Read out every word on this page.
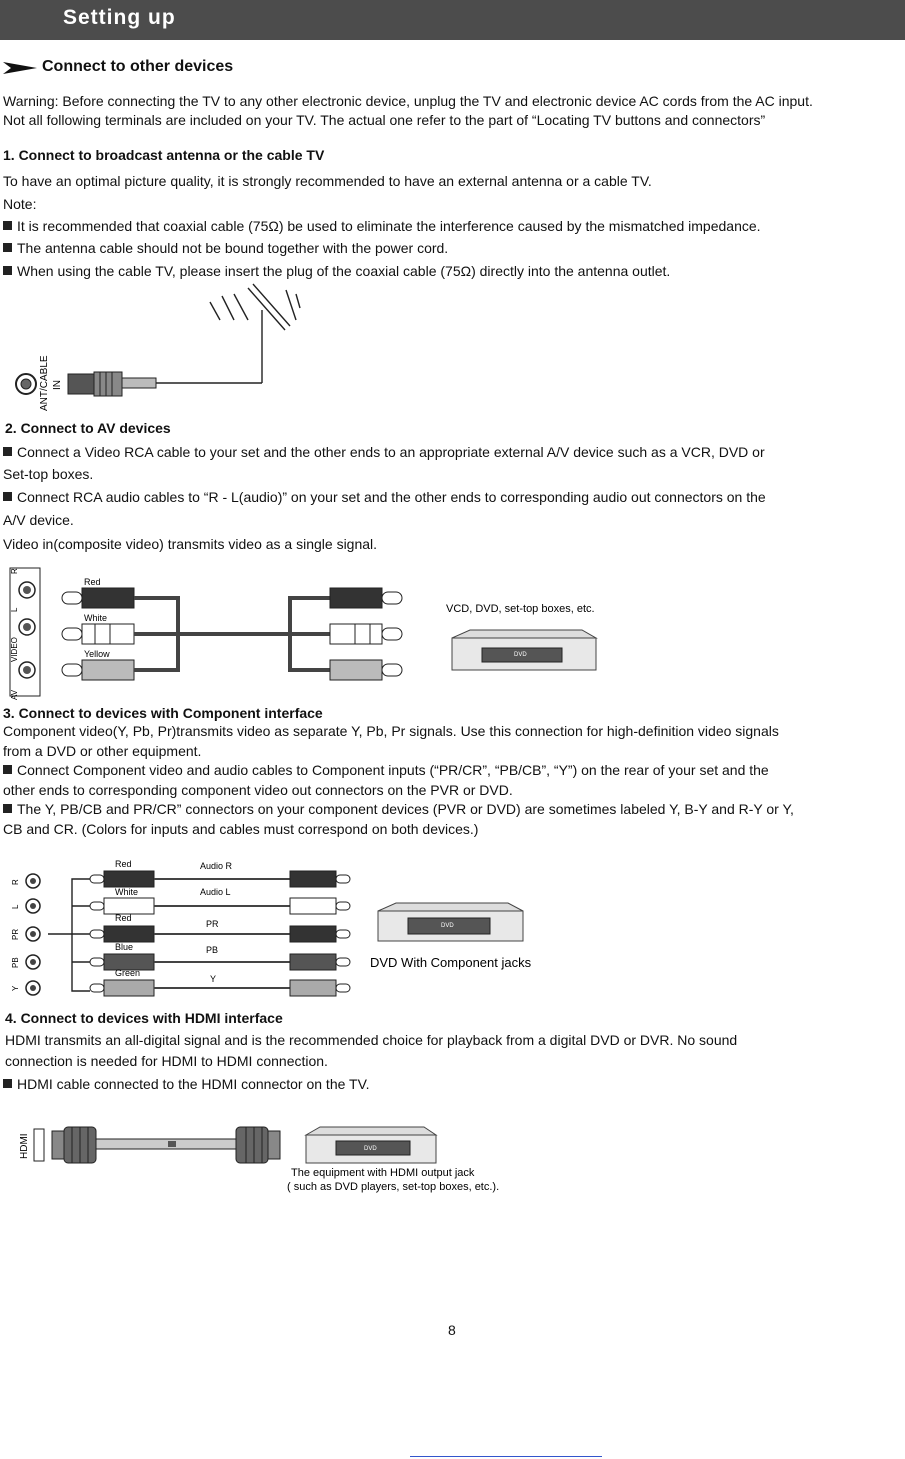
Setting up
Connect to other devices
Warning: Before connecting the TV to any other electronic device, unplug the TV and electronic device AC cords from the AC input.
Not all following terminals are included on your TV. The actual one refer to the part of “Locating TV buttons and connectors”
1. Connect to broadcast antenna or the cable TV
To have an optimal picture quality, it is strongly recommended to have an external antenna or a cable TV.
Note:
It is recommended that coaxial cable (75Ω) be used to eliminate the interference caused by the mismatched impedance.
The antenna cable should not be bound together with the power cord.
When using the cable TV, please insert the plug of the coaxial cable (75Ω) directly into the antenna outlet.
ANT/CABLE IN
2. Connect to AV devices
Connect a Video RCA cable to your set and the other ends to an appropriate external A/V device such as a VCR, DVD or
Set-top boxes.
Connect RCA audio cables to “R - L(audio)” on your set and the other ends to corresponding audio out connectors on the
A/V device.
Video in(composite video) transmits video as a single signal.
R
L
VIDEO
AV
Red
White
Yellow
VCD, DVD, set-top boxes, etc.
DVD
3. Connect to devices with Component interface
Component video(Y, Pb, Pr)transmits video as separate Y, Pb, Pr signals. Use this connection for high-definition video signals
from a DVD or other equipment.
Connect Component video and audio cables to Component inputs (“PR/CR”, “PB/CB”, “Y”) on the rear of your set and the
other ends to corresponding component video out connectors on the PVR or DVD.
The Y, PB/CB and PR/CR” connectors on your component devices (PVR or DVD) are sometimes labeled Y, B-Y and R-Y or Y,
CB and CR. (Colors for inputs and cables must correspond on both devices.)
R
L
PR
PB
Y
Red
White
Red
Blue
Green
Audio R
Audio L
PR
PB
Y
DVD
DVD With Component jacks
4. Connect to devices with HDMI interface
HDMI transmits an all-digital signal and is the recommended choice for playback from a digital DVD or DVR. No sound
connection is needed for HDMI to HDMI connection.
HDMI cable connected to the HDMI connector on the TV.
HDMI	DVD
The equipment with HDMI output jack
( such as DVD players, set-top boxes, etc.).
8
